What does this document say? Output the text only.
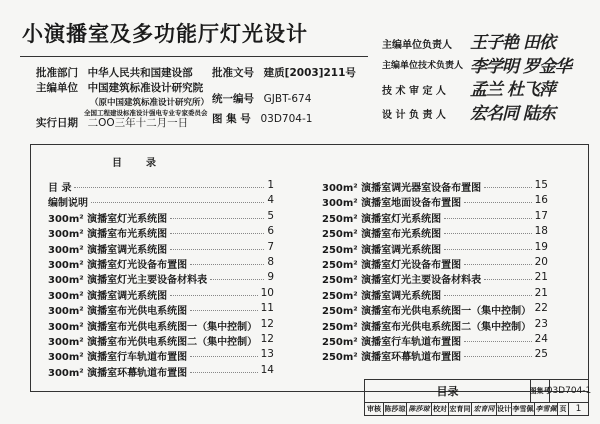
小演播室及多功能厅灯光设计
批准部门 中华人民共和国建设部
主编单位 中国建筑标准设计研究院
（原中国建筑标准设计研究所）
全国工程建设标准设计强电专业专家委员会
实行日期 二OO三年十二月一日
批准文号 建质[2003]211号
统一编号 GJBT-674
图 集 号 03D704-1
主编单位负责人 王子艳 田依
主编单位技术负责人 李学明 罗金华
技 术 审 定 人 孟兰 杜飞萍
设 计 负 责 人 宏名同 陆东
目录
目 录	1
编制说明	4
300m² 演播室灯光系统图	5
300m² 演播室布光系统图	6
300m² 演播室调光系统图	7
300m² 演播室灯光设备布置图	8
300m² 演播室灯光主要设备材料表	9
300m² 演播室调光系统图	10
300m² 演播室布光供电系统图	11
300m² 演播室布光供电系统图一（集中控制） 12
300m² 演播室布光供电系统图二（集中控制） 12
300m² 演播室行车轨道布置图	13
300m² 演播室环幕轨道布置图	14
300m² 演播室调光器室设备布置图	15
300m² 演播室地面设备布置图	16
250m² 演播室灯光系统图	17
250m² 演播室布光系统图	18
250m² 演播室调光系统图	19
250m² 演播室灯光设备布置图	20
250m² 演播室灯光主要设备材料表	21
250m² 演播室调光系统图	21
250m² 演播室布光供电系统图一（集中控制） 22
250m² 演播室布光供电系统图二（集中控制） 23
250m² 演播室行车轨道布置图	24
250m² 演播室环幕轨道布置图	25
目录	图集号
03D704-1
审核 陈莎琼 陈莎琼 校对 宏育同 宏育同 设计 李雪佩 李雪佩 页	1
